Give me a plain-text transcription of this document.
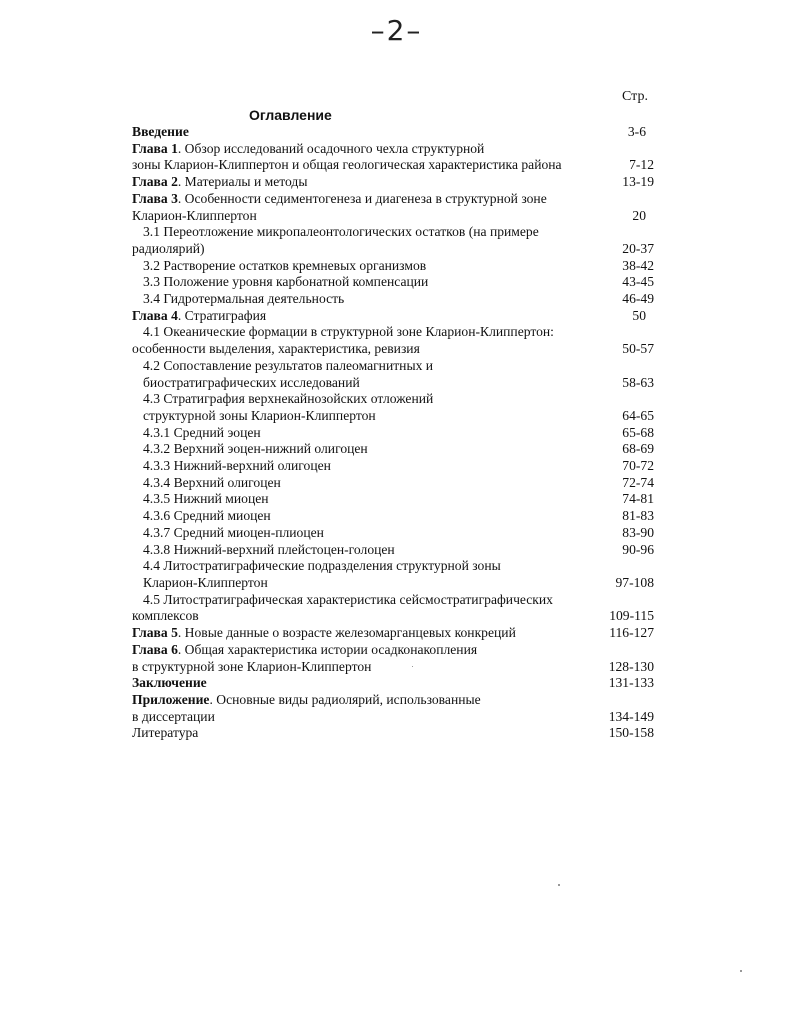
–2–
Стр.
Оглавление
Введение	3-6
Глава 1. Обзор исследований осадочного чехла структурной
зоны Кларион-Клиппертон и общая геологическая характеристика района	7-12
Глава 2. Материалы и методы	13-19
Глава 3. Особенности седиментогенеза и диагенеза в структурной зоне
Кларион-Клиппертон	20
3.1 Переотложение микропалеонтологических остатков (на примере
радиолярий)	20-37
3.2 Растворение остатков кремневых организмов	38-42
3.3 Положение уровня карбонатной компенсации	43-45
3.4 Гидротермальная деятельность	46-49
Глава 4. Стратиграфия	50
4.1 Океанические формации в структурной зоне Кларион-Клиппертон:
особенности выделения, характеристика, ревизия	50-57
4.2 Сопоставление результатов палеомагнитных и
биостратиграфических исследований	58-63
4.3 Стратиграфия верхнекайнозойских отложений
структурной зоны Кларион-Клиппертон	64-65
4.3.1 Средний эоцен	65-68
4.3.2 Верхний эоцен-нижний олигоцен	68-69
4.3.3 Нижний-верхний олигоцен	70-72
4.3.4 Верхний олигоцен	72-74
4.3.5 Нижний миоцен	74-81
4.3.6 Средний миоцен	81-83
4.3.7 Средний миоцен-плиоцен	83-90
4.3.8 Нижний-верхний плейстоцен-голоцен	90-96
4.4 Литостратиграфические подразделения структурной зоны
Кларион-Клиппертон	97-108
4.5 Литостратиграфическая характеристика сейсмостратиграфических
комплексов	109-115
Глава 5. Новые данные о возрасте железомарганцевых конкреций	116-127
Глава 6. Общая характеристика истории осадконакопления
в структурной зоне Кларион-Клиппертон	128-130
Заключение	131-133
Приложение. Основные виды радиолярий, использованные
в диссертации	134-149
Литература	150-158
